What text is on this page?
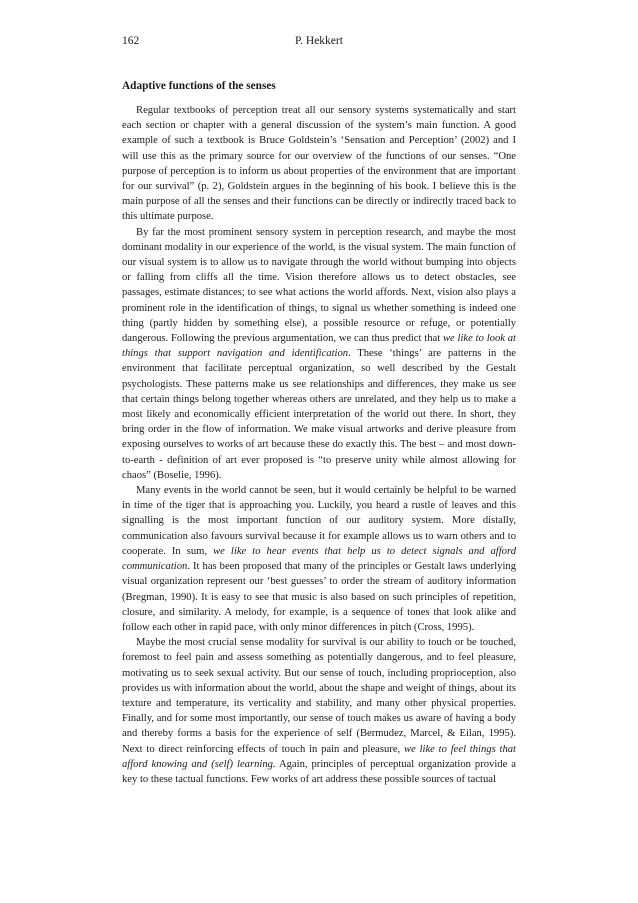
162	P. Hekkert
Adaptive functions of the senses

Regular textbooks of perception treat all our sensory systems systematically and start each section or chapter with a general discussion of the system’s main function. A good example of such a textbook is Bruce Goldstein’s ‘Sensation and Perception’ (2002) and I will use this as the primary source for our overview of the functions of our senses. “One purpose of perception is to inform us about properties of the environment that are important for our survival” (p. 2), Goldstein argues in the beginning of his book. I believe this is the main purpose of all the senses and their functions can be directly or indirectly traced back to this ultimate purpose.

By far the most prominent sensory system in perception research, and maybe the most dominant modality in our experience of the world, is the visual system. The main function of our visual system is to allow us to navigate through the world without bumping into objects or falling from cliffs all the time. Vision therefore allows us to detect obstacles, see passages, estimate distances; to see what actions the world affords. Next, vision also plays a prominent role in the identification of things, to signal us whether something is indeed one thing (partly hidden by something else), a possible resource or refuge, or potentially dangerous. Following the previous argumentation, we can thus predict that we like to look at things that support navigation and identification. These ‘things’ are patterns in the environment that facilitate perceptual organization, so well described by the Gestalt psychologists. These patterns make us see relationships and differences, they make us see that certain things belong together whereas others are unrelated, and they help us to make a most likely and economically efficient interpretation of the world out there. In short, they bring order in the flow of information. We make visual artworks and derive pleasure from exposing ourselves to works of art because these do exactly this. The best – and most down-to-earth - definition of art ever proposed is “to preserve unity while almost allowing for chaos” (Boselie, 1996).

Many events in the world cannot be seen, but it would certainly be helpful to be warned in time of the tiger that is approaching you. Luckily, you heard a rustle of leaves and this signalling is the most important function of our auditory system. More distally, communication also favours survival because it for example allows us to warn others and to cooperate. In sum, we like to hear events that help us to detect signals and afford communication. It has been proposed that many of the principles or Gestalt laws underlying visual organization represent our ‘best guesses’ to order the stream of auditory information (Bregman, 1990). It is easy to see that music is also based on such principles of repetition, closure, and similarity. A melody, for example, is a sequence of tones that look alike and follow each other in rapid pace, with only minor differences in pitch (Cross, 1995).

Maybe the most crucial sense modality for survival is our ability to touch or be touched, foremost to feel pain and assess something as potentially dangerous, and to feel pleasure, motivating us to seek sexual activity. But our sense of touch, including proprioception, also provides us with information about the world, about the shape and weight of things, about its texture and temperature, its verticality and stability, and many other physical properties. Finally, and for some most importantly, our sense of touch makes us aware of having a body and thereby forms a basis for the experience of self (Bermudez, Marcel, & Eilan, 1995). Next to direct reinforcing effects of touch in pain and pleasure, we like to feel things that afford knowing and (self) learning. Again, principles of perceptual organization provide a key to these tactual functions. Few works of art address these possible sources of tactual
